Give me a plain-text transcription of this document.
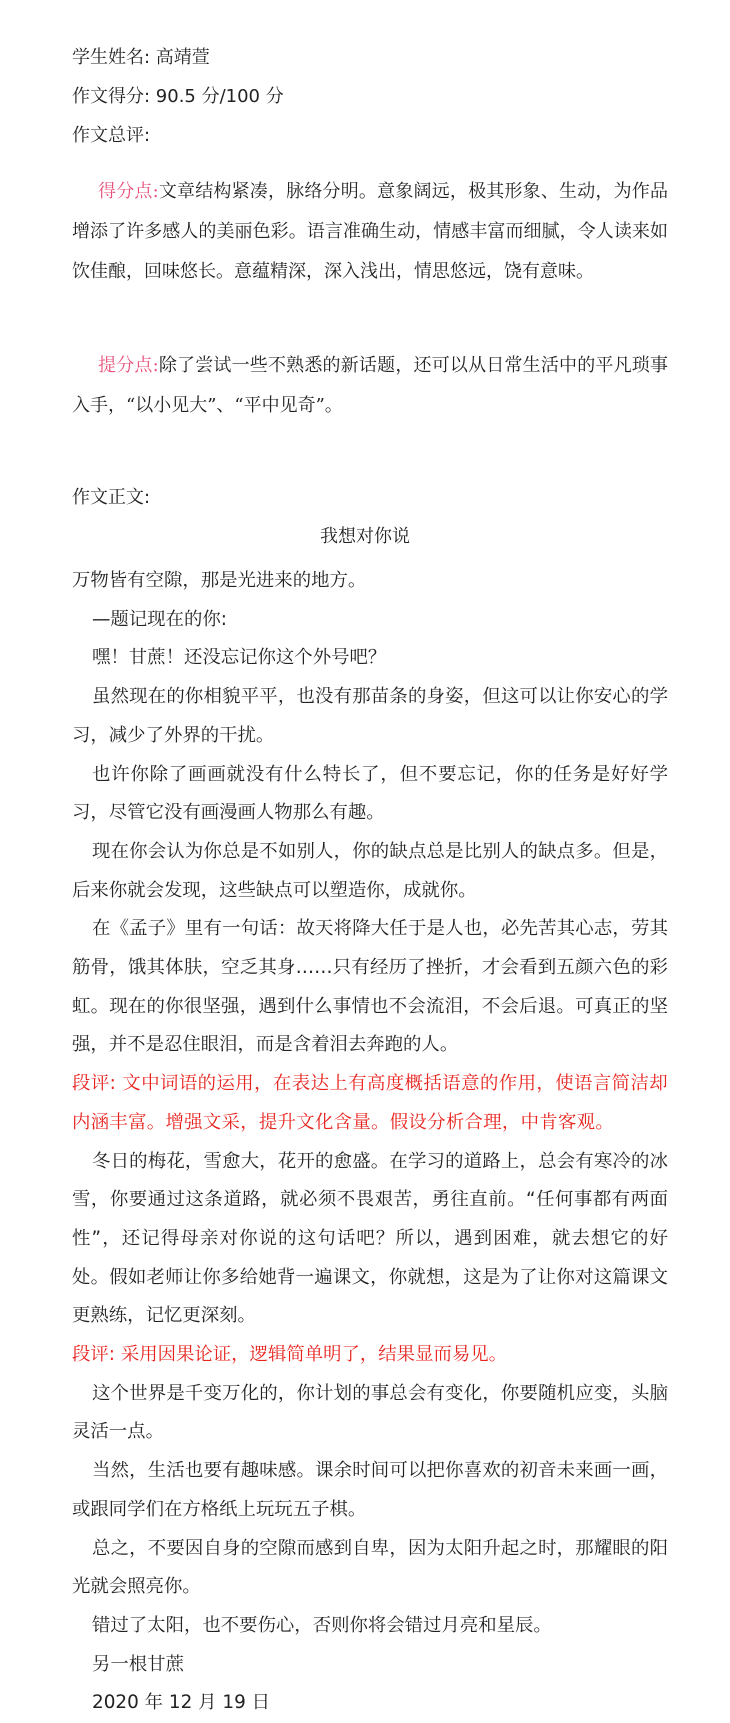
学生姓名: 高靖萱
作文得分: 90.5 分/100 分
作文总评:
得分点:文章结构紧凑，脉络分明。意象阔远，极其形象、生动，为作品增添了许多感人的美丽色彩。语言准确生动，情感丰富而细腻，令人读来如饮佳酿，回味悠长。意蕴精深，深入浅出，情思悠远，饶有意味。
提分点:除了尝试一些不熟悉的新话题，还可以从日常生活中的平凡琐事入手，“以小见大”、“平中见奇”。
作文正文:
我想对你说

万物皆有空隙，那是光进来的地方。

—题记现在的你:

嘿！甘蔗！还没忘记你这个外号吧？

虽然现在的你相貌平平，也没有那苗条的身姿，但这可以让你安心的学习，减少了外界的干扰。

也许你除了画画就没有什么特长了，但不要忘记，你的任务是好好学习，尽管它没有画漫画人物那么有趣。

现在你会认为你总是不如别人，你的缺点总是比别人的缺点多。但是，后来你就会发现，这些缺点可以塑造你，成就你。

在《孟子》里有一句话：故天将降大任于是人也，必先苦其心志，劳其筋骨，饿其体肤，空乏其身……只有经历了挫折，才会看到五颜六色的彩虹。现在的你很坚强，遇到什么事情也不会流泪，不会后退。可真正的坚强，并不是忍住眼泪，而是含着泪去奔跑的人。

段评: 文中词语的运用，在表达上有高度概括语意的作用，使语言简洁却内涵丰富。增强文采，提升文化含量。假设分析合理，中肯客观。

冬日的梅花，雪愈大，花开的愈盛。在学习的道路上，总会有寒冷的冰雪，你要通过这条道路，就必须不畏艰苦，勇往直前。“任何事都有两面性”，还记得母亲对你说的这句话吧？所以，遇到困难，就去想它的好处。假如老师让你多给她背一遍课文，你就想，这是为了让你对这篇课文更熟练，记忆更深刻。

段评: 采用因果论证，逻辑简单明了，结果显而易见。

这个世界是千变万化的，你计划的事总会有变化，你要随机应变，头脑灵活一点。

当然，生活也要有趣味感。课余时间可以把你喜欢的初音未来画一画，或跟同学们在方格纸上玩玩五子棋。

总之，不要因自身的空隙而感到自卑，因为太阳升起之时，那耀眼的阳光就会照亮你。

错过了太阳，也不要伤心，否则你将会错过月亮和星辰。

另一根甘蔗

2020 年 12 月 19 日
